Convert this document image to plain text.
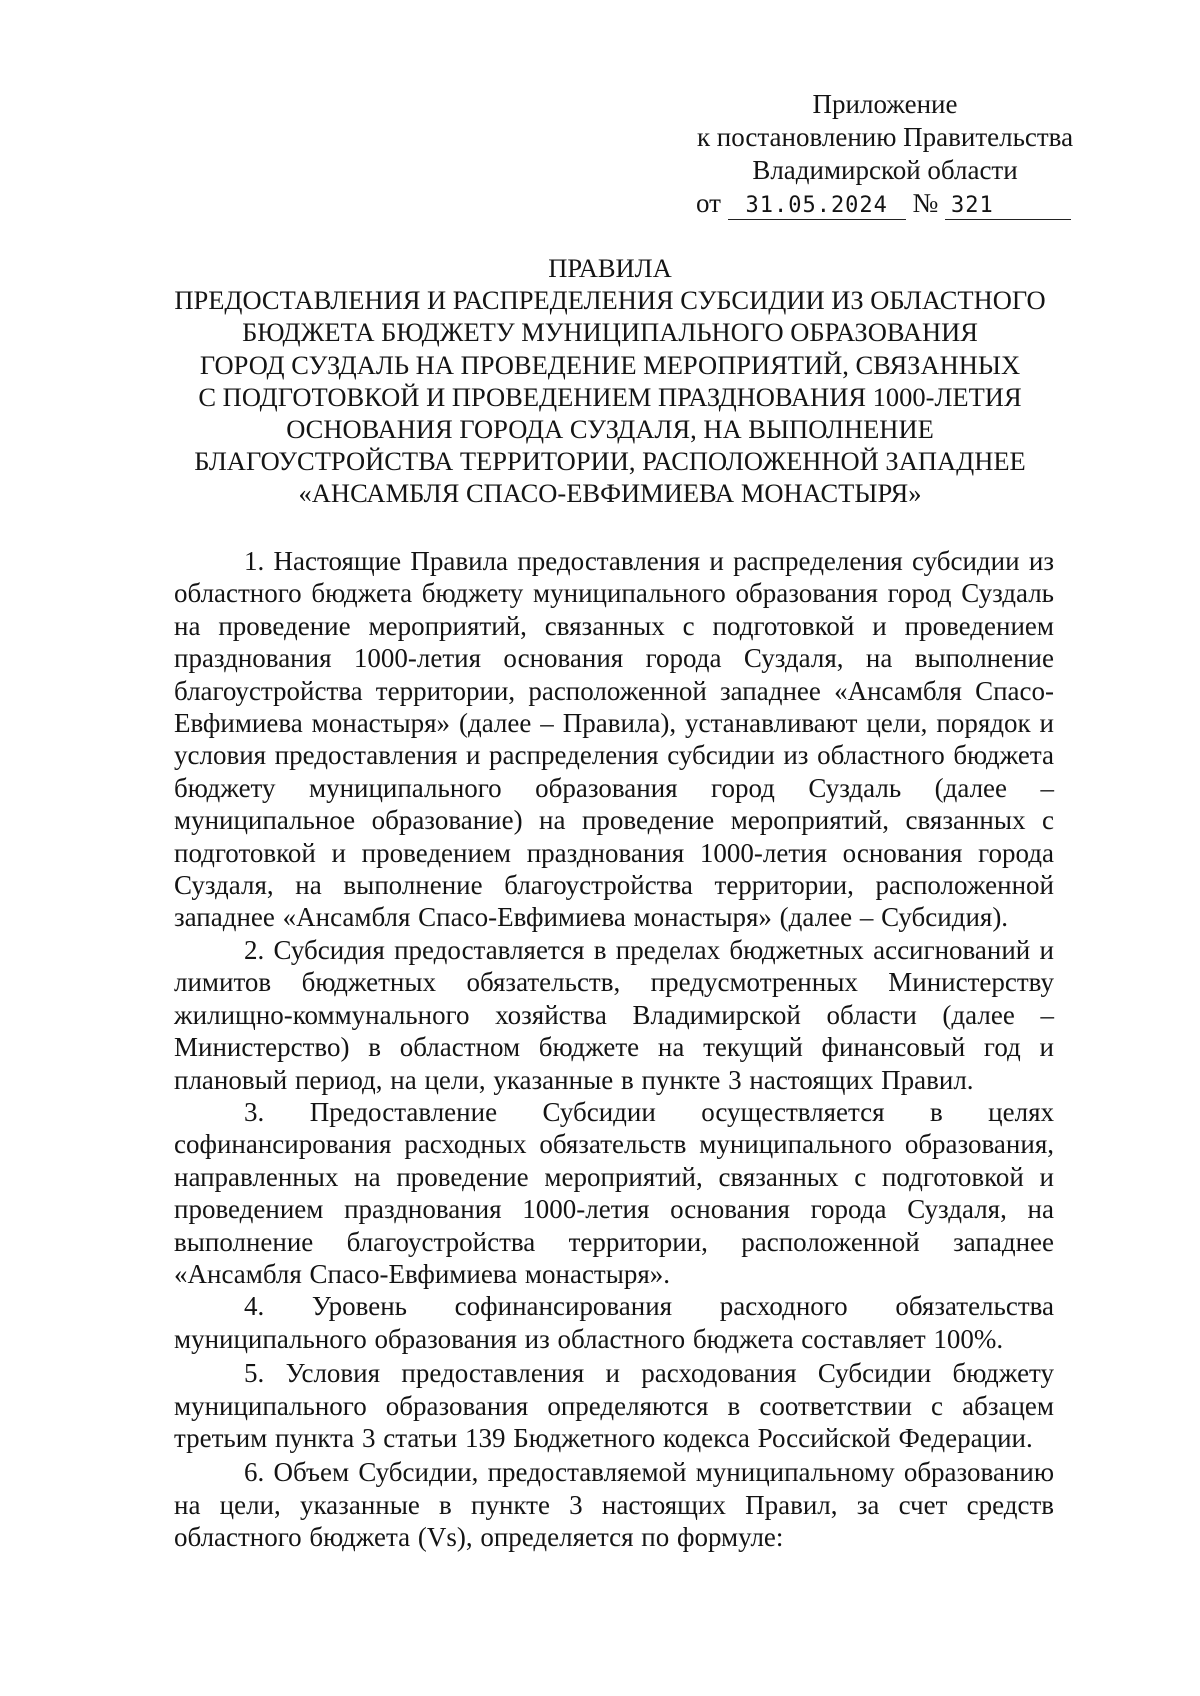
Приложение
к постановлению Правительства
Владимирской области
от 31.05.2024 № 321
ПРАВИЛА
ПРЕДОСТАВЛЕНИЯ И РАСПРЕДЕЛЕНИЯ СУБСИДИИ ИЗ ОБЛАСТНОГО
БЮДЖЕТА БЮДЖЕТУ МУНИЦИПАЛЬНОГО ОБРАЗОВАНИЯ
ГОРОД СУЗДАЛЬ НА ПРОВЕДЕНИЕ МЕРОПРИЯТИЙ, СВЯЗАННЫХ
С ПОДГОТОВКОЙ И ПРОВЕДЕНИЕМ ПРАЗДНОВАНИЯ 1000-ЛЕТИЯ
ОСНОВАНИЯ ГОРОДА СУЗДАЛЯ, НА ВЫПОЛНЕНИЕ
БЛАГОУСТРОЙСТВА ТЕРРИТОРИИ, РАСПОЛОЖЕННОЙ ЗАПАДНЕЕ
«АНСАМБЛЯ СПАСО-ЕВФИМИЕВА МОНАСТЫРЯ»

1. Настоящие Правила предоставления и распределения субсидии из областного бюджета бюджету муниципального образования город Суздаль на проведение мероприятий, связанных с подготовкой и проведением празднования 1000-летия основания города Суздаля, на выполнение благоустройства территории, расположенной западнее «Ансамбля Спасо-Евфимиева монастыря» (далее – Правила), устанавливают цели, порядок и условия предоставления и распределения субсидии из областного бюджета бюджету муниципального образования город Суздаль (далее – муниципальное образование) на проведение мероприятий, связанных с подготовкой и проведением празднования 1000-летия основания города Суздаля, на выполнение благоустройства территории, расположенной западнее «Ансамбля Спасо-Евфимиева монастыря» (далее – Субсидия).

2. Субсидия предоставляется в пределах бюджетных ассигнований и лимитов бюджетных обязательств, предусмотренных Министерству жилищно-коммунального хозяйства Владимирской области (далее – Министерство) в областном бюджете на текущий финансовый год и плановый период, на цели, указанные в пункте 3 настоящих Правил.

3. Предоставление Субсидии осуществляется в целях софинансирования расходных обязательств муниципального образования, направленных на проведение мероприятий, связанных с подготовкой и проведением празднования 1000-летия основания города Суздаля, на выполнение благоустройства территории, расположенной западнее «Ансамбля Спасо-Евфимиева монастыря».

4. Уровень софинансирования расходного обязательства муниципального образования из областного бюджета составляет 100%.

5. Условия предоставления и расходования Субсидии бюджету муниципального образования определяются в соответствии с абзацем третьим пункта 3 статьи 139 Бюджетного кодекса Российской Федерации.

6. Объем Субсидии, предоставляемой муниципальному образованию на цели, указанные в пункте 3 настоящих Правил, за счет средств областного бюджета (Vs), определяется по формуле:
